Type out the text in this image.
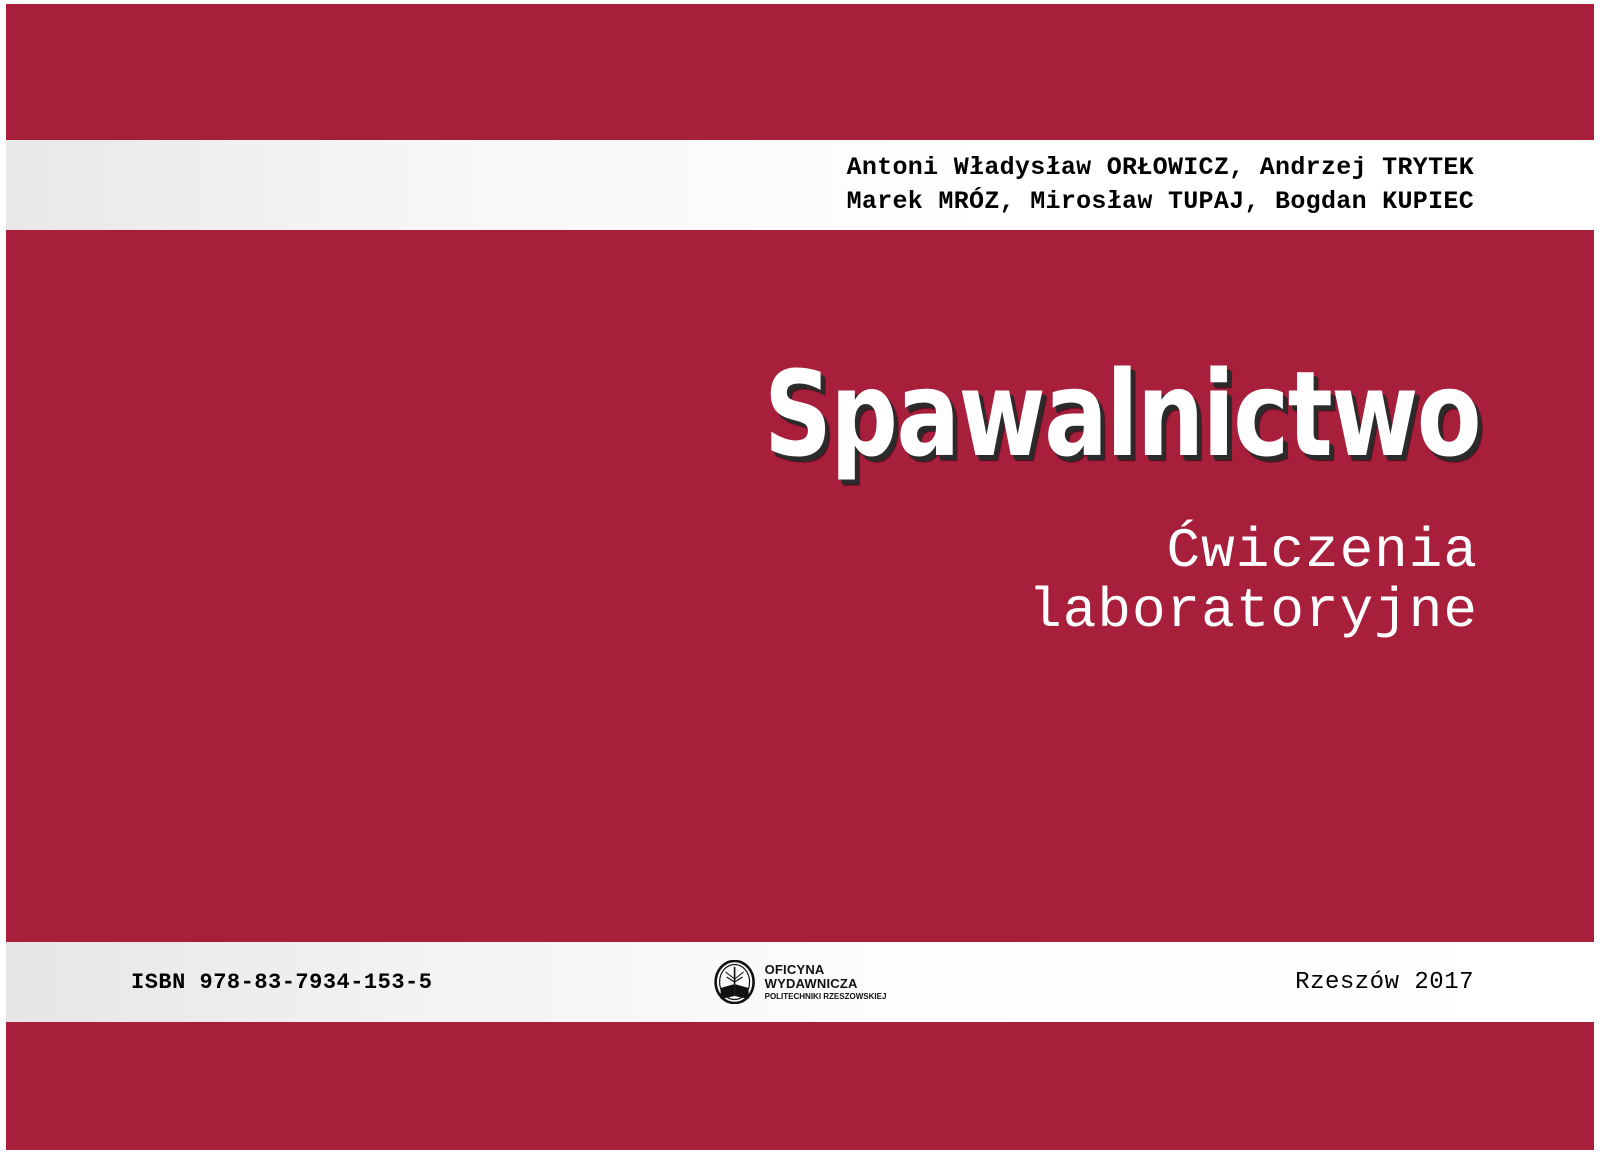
Antoni Władysław ORŁOWICZ, Andrzej TRYTEK
Marek MRÓZ, Mirosław TUPAJ, Bogdan KUPIEC
Spawalnictwo
Ćwiczenia
laboratoryjne
ISBN 978-83-7934-153-5
OFICYNA
WYDAWNICZA
POLITECHNIKI RZESZOWSKIEJ
Rzeszów 2017
